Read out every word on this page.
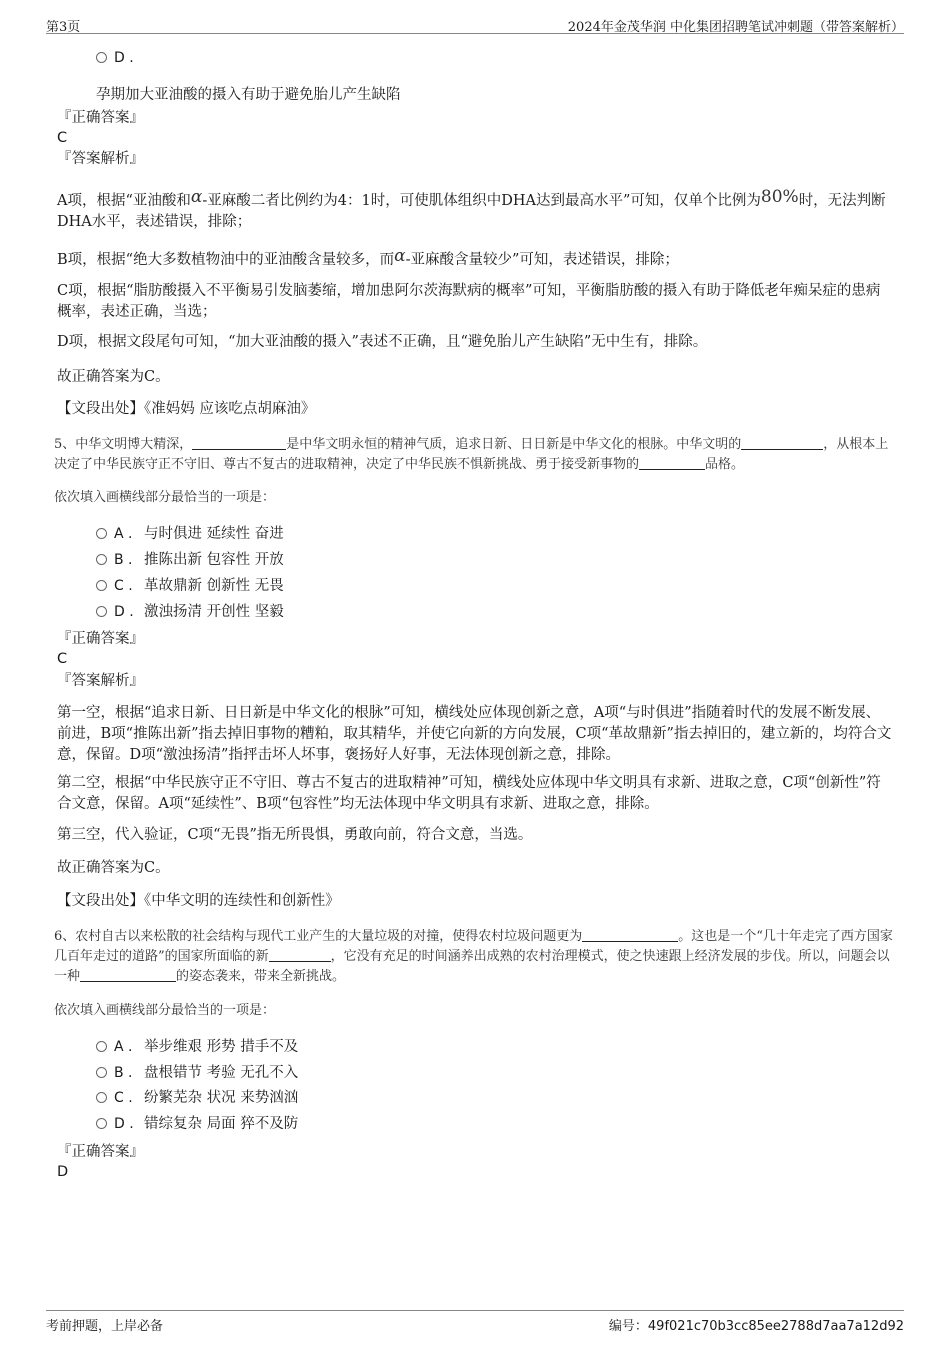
第3页	2024年金茂华润 中化集团招聘笔试冲刺题（带答案解析）
D .
孕期加大亚油酸的摄入有助于避免胎儿产生缺陷
『正确答案』
C
『答案解析』
A项，根据“亚油酸和α-亚麻酸二者比例约为4：1时，可使肌体组织中DHA达到最高水平”可知，仅单个比例为80%时，无法判断DHA水平，表述错误，排除；
B项，根据“绝大多数植物油中的亚油酸含量较多，而α-亚麻酸含量较少”可知，表述错误，排除；
C项，根据“脂肪酸摄入不平衡易引发脑萎缩，增加患阿尔茨海默病的概率”可知，平衡脂肪酸的摄入有助于降低老年痴呆症的患病概率，表述正确，当选；
D项，根据文段尾句可知，“加大亚油酸的摄入”表述不正确，且“避免胎儿产生缺陷”无中生有，排除。
故正确答案为C。
【文段出处】《准妈妈 应该吃点胡麻油》
5、中华文明博大精深，	是中华文明永恒的精神气质，追求日新、日日新是中华文化的根脉。中华文明的	，从根本上决定了中华民族守正不守旧、尊古不复古的进取精神，决定了中华民族不惧新挑战、勇于接受新事物的	品格。
依次填入画横线部分最恰当的一项是：
A . 与时俱进 延续性 奋进
B . 推陈出新 包容性 开放
C . 革故鼎新 创新性 无畏
D . 激浊扬清 开创性 坚毅
『正确答案』
C
『答案解析』
第一空，根据“追求日新、日日新是中华文化的根脉”可知，横线处应体现创新之意，A项“与时俱进”指随着时代的发展不断发展、前进，B项“推陈出新”指去掉旧事物的糟粕，取其精华，并使它向新的方向发展，C项“革故鼎新”指去掉旧的，建立新的，均符合文意，保留。D项“激浊扬清”指抨击坏人坏事，褒扬好人好事，无法体现创新之意，排除。
第二空，根据“中华民族守正不守旧、尊古不复古的进取精神”可知，横线处应体现中华文明具有求新、进取之意，C项“创新性”符合文意，保留。A项“延续性”、B项“包容性”均无法体现中华文明具有求新、进取之意，排除。
第三空，代入验证，C项“无畏”指无所畏惧，勇敢向前，符合文意，当选。
故正确答案为C。
【文段出处】《中华文明的连续性和创新性》
6、农村自古以来松散的社会结构与现代工业产生的大量垃圾的对撞，使得农村垃圾问题更为	。这也是一个“几十年走完了西方国家几百年走过的道路”的国家所面临的新	，它没有充足的时间涵养出成熟的农村治理模式，使之快速跟上经济发展的步伐。所以，问题会以一种	的姿态袭来，带来全新挑战。
依次填入画横线部分最恰当的一项是：
A . 举步维艰 形势 措手不及
B . 盘根错节 考验 无孔不入
C . 纷繁芜杂 状况 来势汹汹
D . 错综复杂 局面 猝不及防
『正确答案』
D
考前押题，上岸必备	编号：49f021c70b3cc85ee2788d7aa7a12d92
